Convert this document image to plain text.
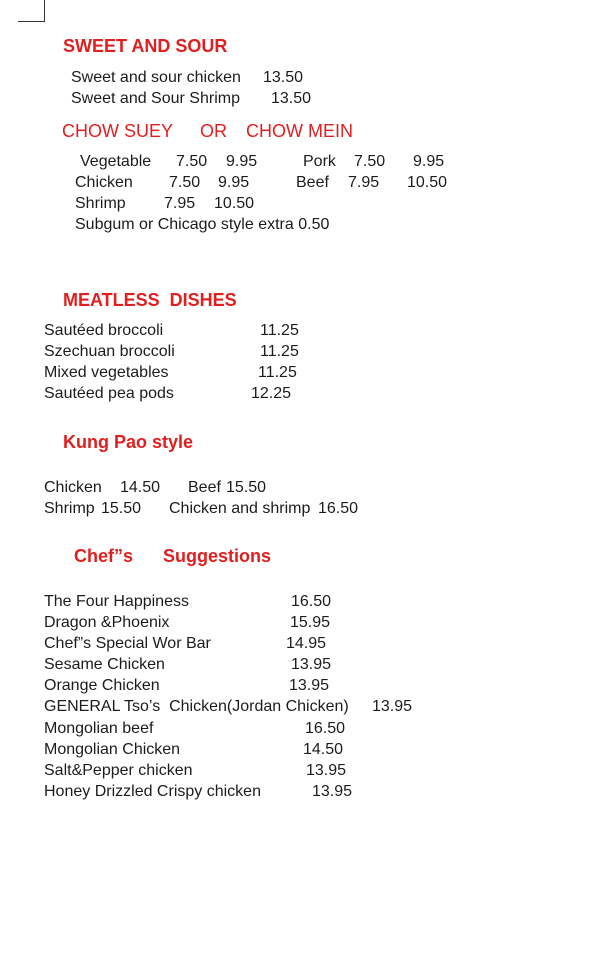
SWEET AND SOUR
Sweet and sour chicken 13.50
Sweet and Sour Shrimp 13.50
CHOW SUEY OR CHOW MEIN
Vegetable 7.50 9.95	Pork 7.50 9.95
Chicken 7.50 9.95	Beef 7.95 10.50
Shrimp 7.95 10.50
Subgum or Chicago style extra 0.50
MEATLESS  DISHES
Sautéed broccoli	11.25
Szechuan broccoli	11.25
Mixed vegetables	11.25
Sautéed pea pods	12.25
Kung Pao style
Chicken 14.50 Beef 15.50
Shrimp 15.50 Chicken and shrimp 16.50
Chef”s Suggestions
The Four Happiness	16.50
Dragon &Phoenix	15.95
Chef”s Special Wor Bar	14.95
Sesame Chicken	13.95
Orange Chicken	13.95
GENERAL Tso’s  Chicken(Jordan Chicken) 13.95
Mongolian beef	16.50
Mongolian Chicken	14.50
Salt&Pepper chicken	13.95
Honey Drizzled Crispy chicken	13.95
